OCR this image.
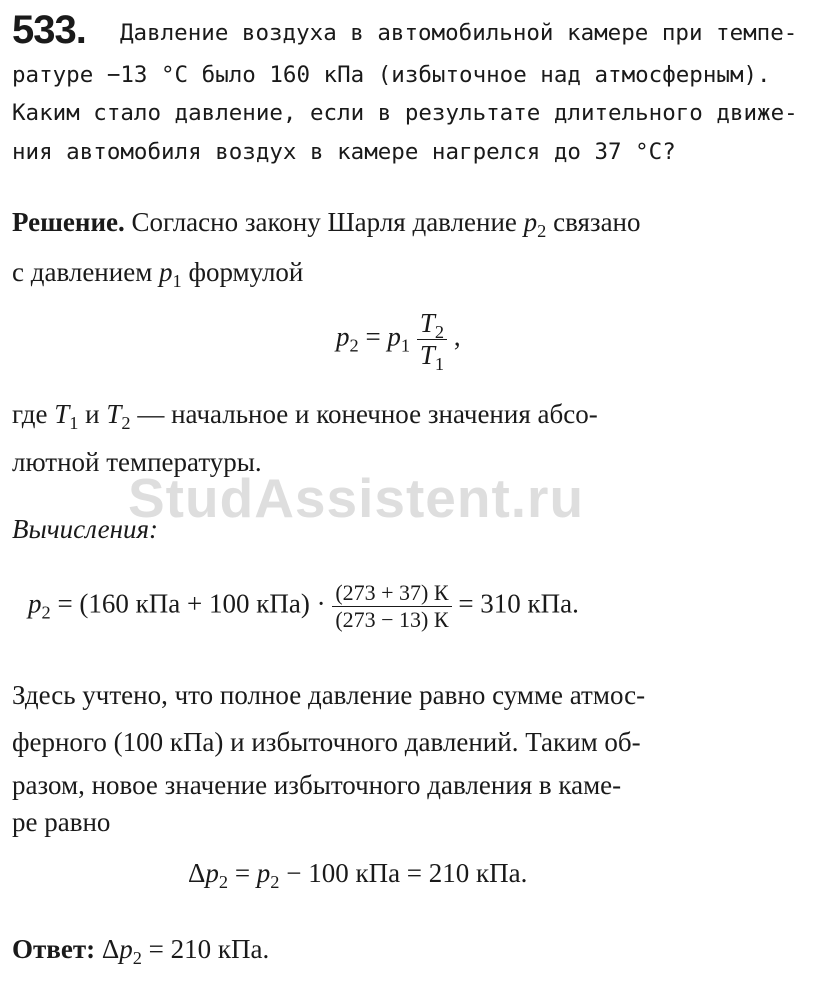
StudAssistent.ru
533. Давление воздуха в автомобильной камере при темпе-
ратуре −13 °С было 160 кПа (избыточное над атмосферным).
Каким стало давление, если в результате длительного движе-
ния автомобиля воздух в камере нагрелся до 37 °С?
Решение. Согласно закону Шарля давление $p_2$ связано
с давлением $p_1$ формулой
$p_2 = p_1 \frac{T_2}{T_1}$ ,
где $T_1$ и $T_2$ — начальное и конечное значения абсо-
лютной температуры.
Вычисления:
$p_2 = (160$ кПа + 100 $кПа) \cdot \frac{(273 + 37) К}{(273 - 13) К} = 310$ кПа.
Здесь учтено, что полное давление равно сумме атмос-
ферного (100 кПа) и избыточного давлений. Таким об-
разом, новое значение избыточного давления в каме-
ре равно
$\Delta p_2 = p_2 - 100$ кПа = 210 кПа.
Ответ: $\Delta p_2 = 210$ кПа.
